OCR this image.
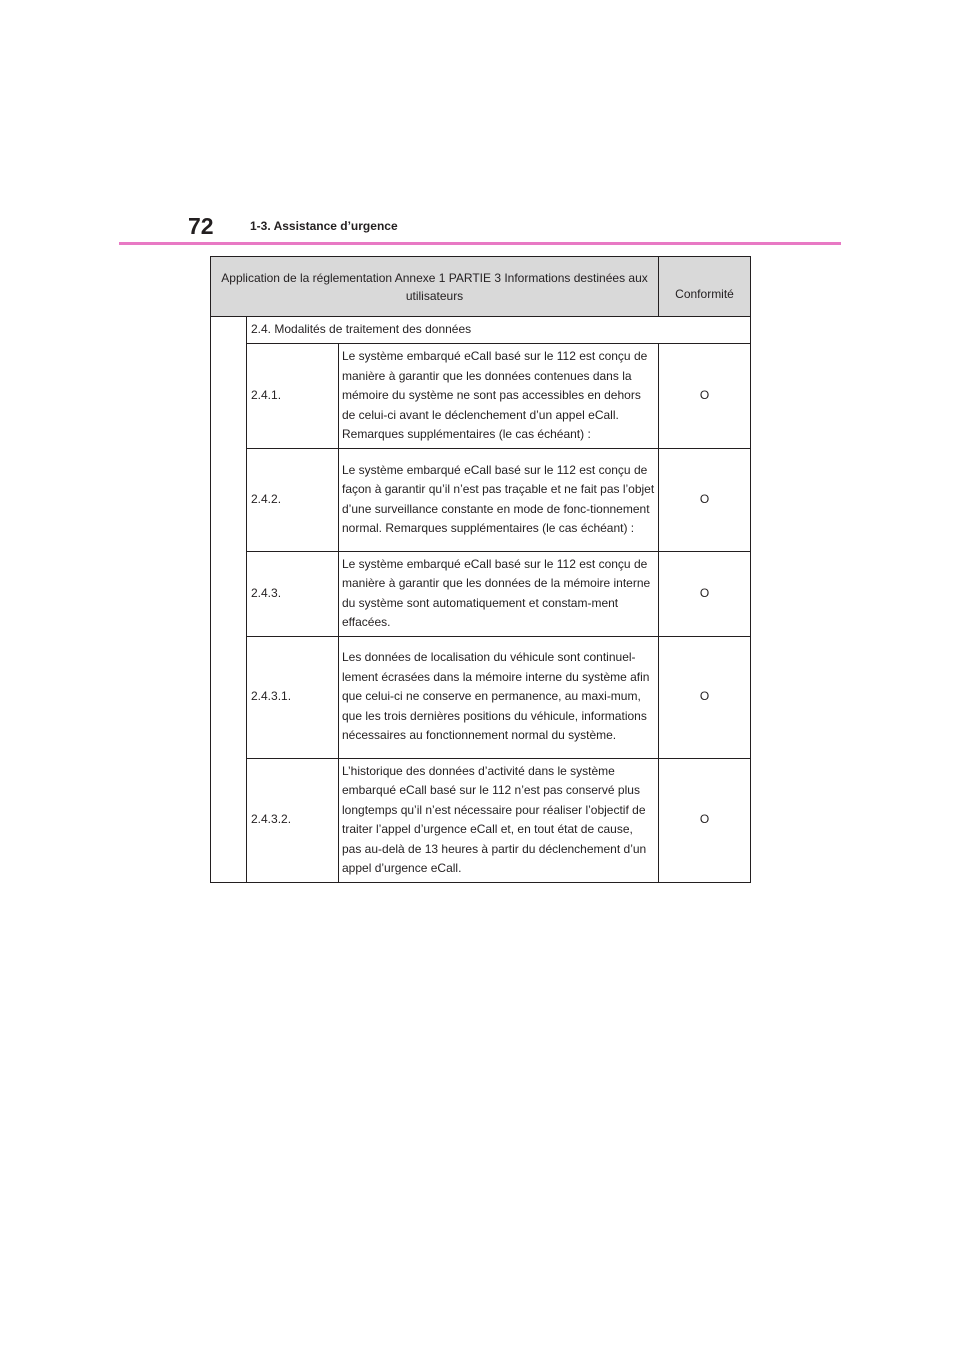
72	1-3. Assistance d’urgence
Application de la réglementation Annexe 1 PARTIE 3 Informations destinées aux utilisateurs			Conformité
	2.4. Modalités de traitement des données		
	2.4.1.	Le système embarqué eCall basé sur le 112 est conçu de manière à garantir que les données contenues dans la mémoire du système ne sont pas accessibles en dehors de celui-ci avant le déclenchement d’un appel eCall. Remarques supplémentaires (le cas échéant) :	O
	2.4.2.	Le système embarqué eCall basé sur le 112 est conçu de façon à garantir qu’il n’est pas traçable et ne fait pas l’objet d’une surveillance constante en mode de fonc-tionnement normal. Remarques supplémentaires (le cas échéant) :	O
	2.4.3.	Le système embarqué eCall basé sur le 112 est conçu de manière à garantir que les données de la mémoire interne du système sont automatiquement et constam-ment effacées.	O
	2.4.3.1.	Les données de localisation du véhicule sont continuel-lement écrasées dans la mémoire interne du système afin que celui-ci ne conserve en permanence, au maxi-mum, que les trois dernières positions du véhicule, informations nécessaires au fonctionnement normal du système.	O
	2.4.3.2.	L’historique des données d’activité dans le système embarqué eCall basé sur le 112 n’est pas conservé plus longtemps qu’il n’est nécessaire pour réaliser l’objectif de traiter l’appel d’urgence eCall et, en tout état de cause, pas au-delà de 13 heures à partir du déclenchement d’un appel d’urgence eCall.	O
